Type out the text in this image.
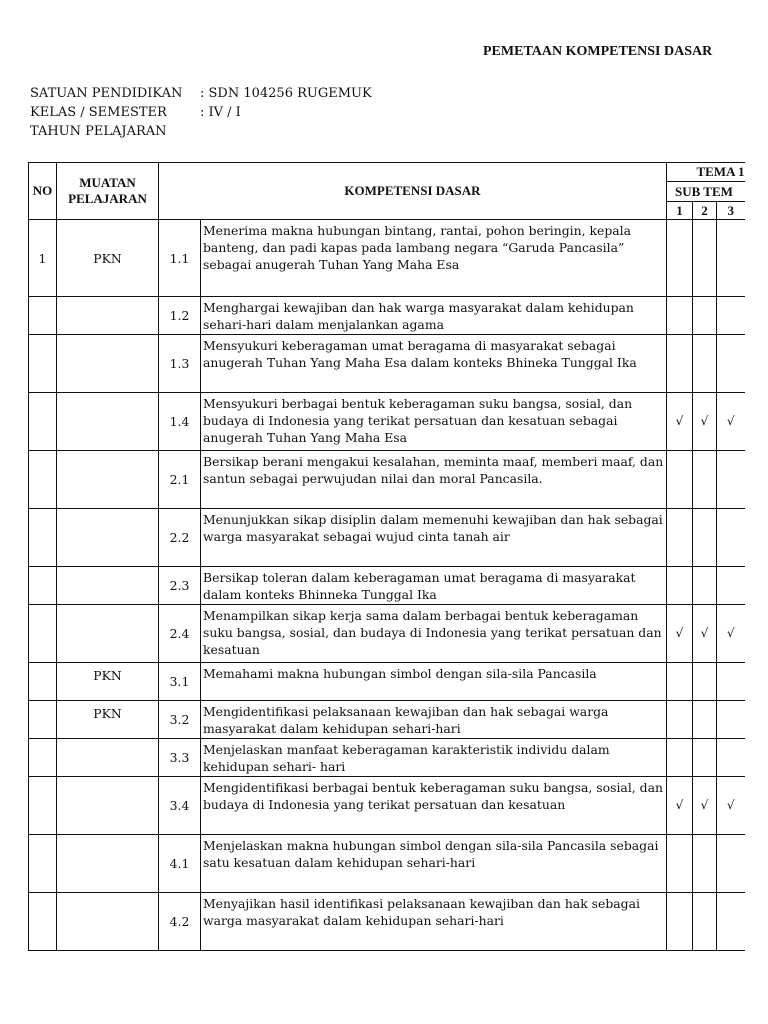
PEMETAAN KOMPETENSI DASAR
SATUAN PENDIDIKAN : SDN 104256 RUGEMUK
KELAS / SEMESTER	: IV / I
TAHUN PELAJARAN
NO	MUATAN PELAJARAN	KOMPETENSI DASAR		TEMA 1		
				SUB TEM		
				1	2	3
1	PKN	1.1	Menerima makna hubungan bintang, rantai, pohon beringin, kepala banteng, dan padi kapas pada lambang negara “Garuda Pancasila” sebagai anugerah Tuhan Yang Maha Esa			
		1.2	Menghargai kewajiban dan hak warga masyarakat dalam kehidupan sehari-hari dalam menjalankan agama			
		1.3	Mensyukuri keberagaman umat beragama di masyarakat sebagai anugerah Tuhan Yang Maha Esa dalam konteks Bhineka Tunggal Ika			
		1.4	Mensyukuri berbagai bentuk keberagaman suku bangsa, sosial, dan budaya di Indonesia yang terikat persatuan dan kesatuan sebagai anugerah Tuhan Yang Maha Esa	√	√	√
		2.1	Bersikap berani mengakui kesalahan, meminta maaf, memberi maaf, dan santun sebagai perwujudan nilai dan moral Pancasila.			
		2.2	Menunjukkan sikap disiplin dalam memenuhi kewajiban dan hak sebagai warga masyarakat sebagai wujud cinta tanah air			
		2.3	Bersikap toleran dalam keberagaman umat beragama di masyarakat dalam konteks Bhinneka Tunggal Ika			
		2.4	Menampilkan sikap kerja sama dalam berbagai bentuk keberagaman suku bangsa, sosial, dan budaya di Indonesia yang terikat persatuan dan kesatuan	√	√	√
	PKN	3.1	Memahami makna hubungan simbol dengan sila-sila Pancasila			
	PKN	3.2	Mengidentifikasi pelaksanaan kewajiban dan hak sebagai warga masyarakat dalam kehidupan sehari-hari			
		3.3	Menjelaskan manfaat keberagaman karakteristik individu dalam kehidupan sehari- hari			
		3.4	Mengidentifikasi berbagai bentuk keberagaman suku bangsa, sosial, dan budaya di Indonesia yang terikat persatuan dan kesatuan	√	√	√
		4.1	Menjelaskan makna hubungan simbol dengan sila-sila Pancasila sebagai satu kesatuan dalam kehidupan sehari-hari			
		4.2	Menyajikan hasil identifikasi pelaksanaan kewajiban dan hak sebagai warga masyarakat dalam kehidupan sehari-hari			
